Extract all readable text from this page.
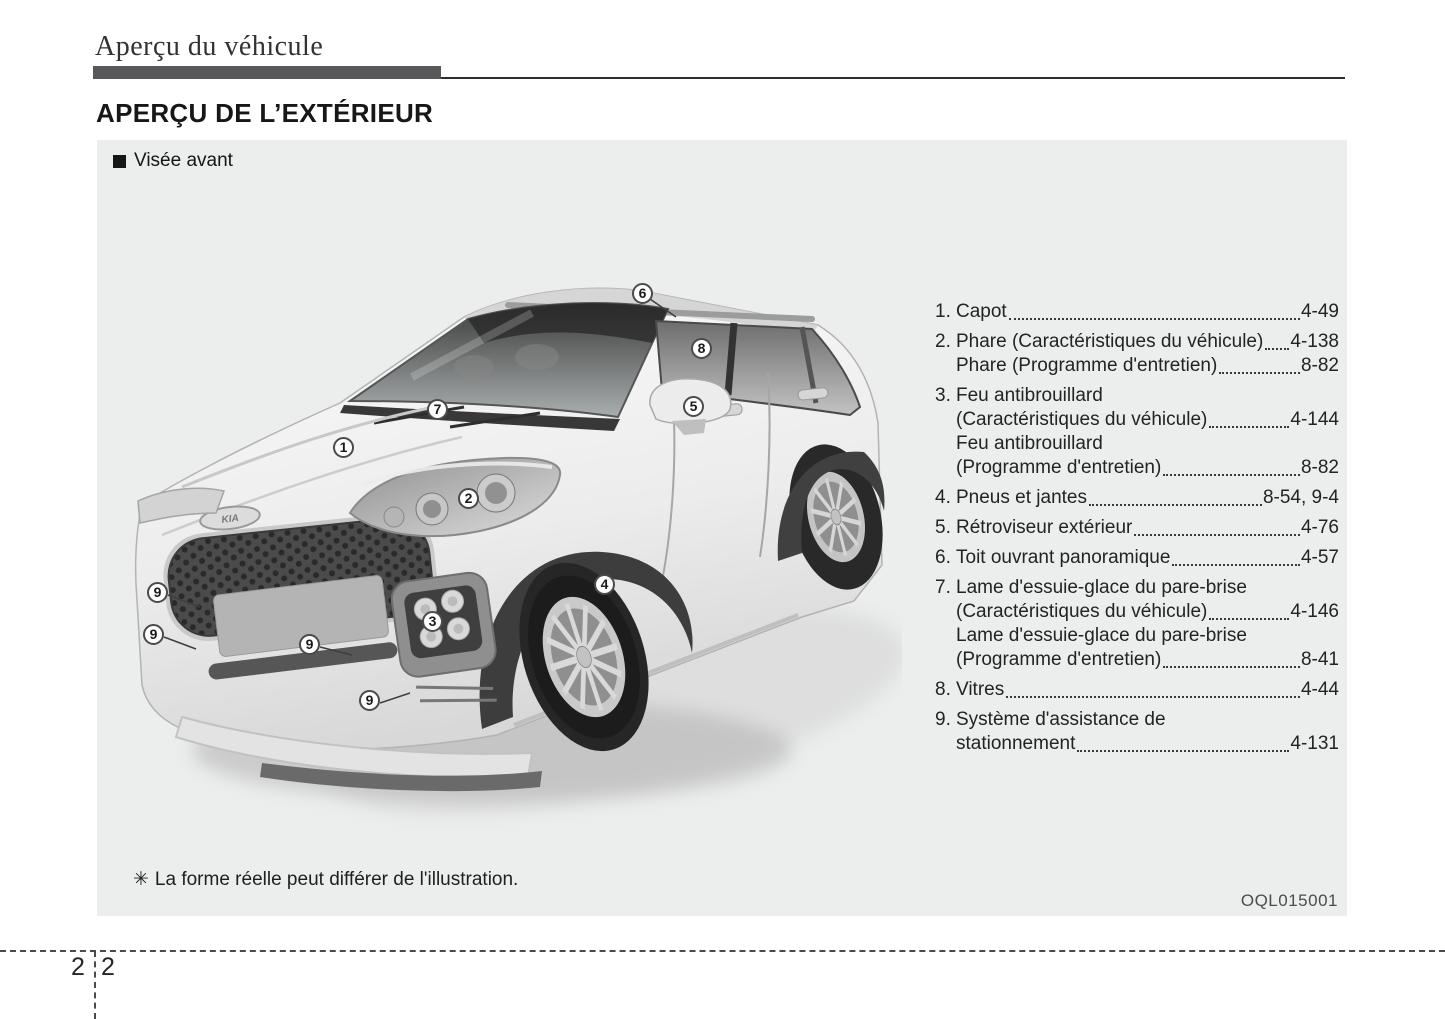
Aperçu du véhicule
APERÇU DE L’EXTÉRIEUR
Visée avant
KIA
1
2
3
4
5
6
7
8
9
9
9
9
1. Capot	4-49
2. Phare (Caractéristiques du véhicule) 4-138
Phare (Programme d'entretien)	8-82
3. Feu antibrouillard
(Caractéristiques du véhicule)	4-144
Feu antibrouillard
(Programme d'entretien)	8-82
4. Pneus et jantes	8-54, 9-4
5. Rétroviseur extérieur	4-76
6. Toit ouvrant panoramique	4-57
7. Lame d'essuie-glace du pare-brise
(Caractéristiques du véhicule)	4-146
Lame d'essuie-glace du pare-brise
(Programme d'entretien)	8-41
8. Vitres	4-44
9. Système d'assistance de
stationnement	4-131
✳ La forme réelle peut différer de l'illustration.
OQL015001
2 2
